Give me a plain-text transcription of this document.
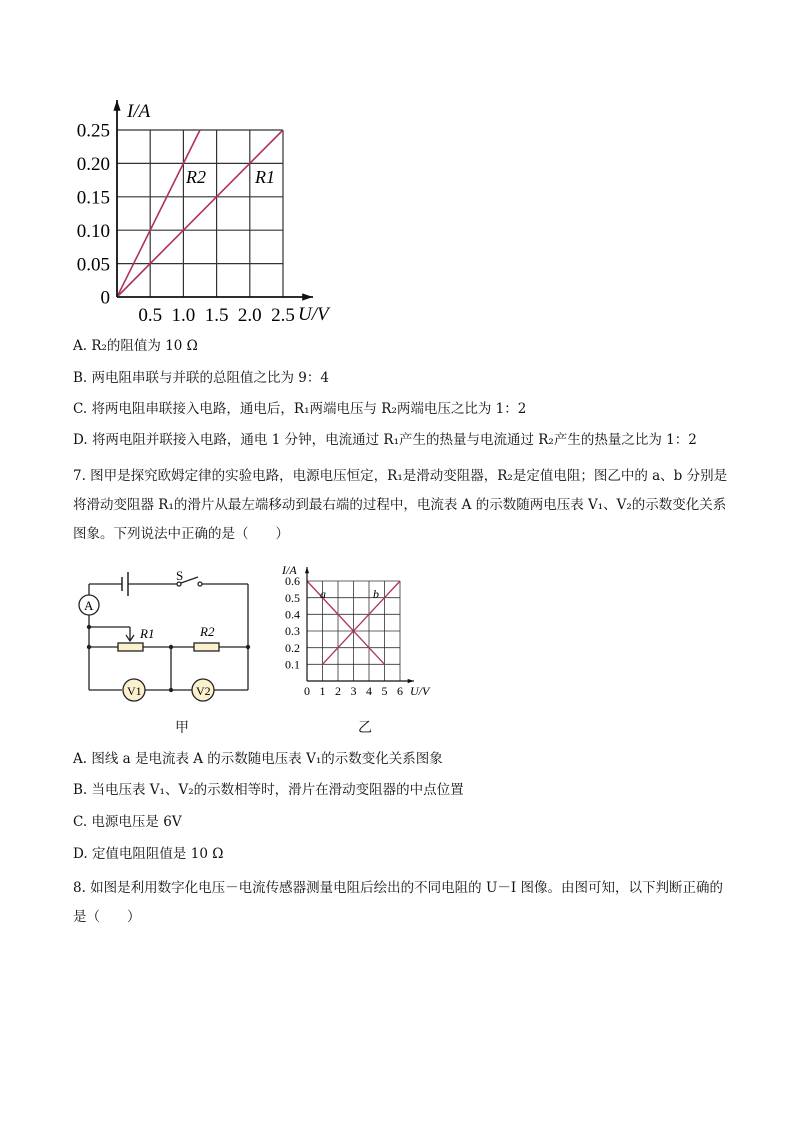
0.25
0.20
0.15
0.10
0.05
0
0.5 1.0 1.5 2.0 2.5
I/A
U/V
R2	R1
A. R₂的阻值为 10 Ω
B. 两电阻串联与并联的总阻值之比为 9：4
C. 将两电阻串联接入电路，通电后，R₁两端电压与 R₂两端电压之比为 1：2
D. 将两电阻并联接入电路，通电 1 分钟，电流通过 R₁产生的热量与电流通过 R₂产生的热量之比为 1：2
7. 图甲是探究欧姆定律的实验电路，电源电压恒定，R₁是滑动变阻器，R₂是定值电阻；图乙中的 a、b 分别是将滑动变阻器 R₁的滑片从最左端移动到最右端的过程中，电流表 A 的示数随两电压表 V₁、V₂的示数变化关系图象。下列说法中正确的是（　　）
S
A
R1	R2
V1	V2
甲
0.6
0.5
0.4
0.3
0.2
0.1
0 1 2 3 4 5 6
I/A
U/V
a	b
乙
A. 图线 a 是电流表 A 的示数随电压表 V₁的示数变化关系图象
B. 当电压表 V₁、V₂的示数相等时，滑片在滑动变阻器的中点位置
C. 电源电压是 6V
D. 定值电阻阻值是 10 Ω
8. 如图是利用数字化电压－电流传感器测量电阻后绘出的不同电阻的 U－I 图像。由图可知，以下判断正确的是（　　）
